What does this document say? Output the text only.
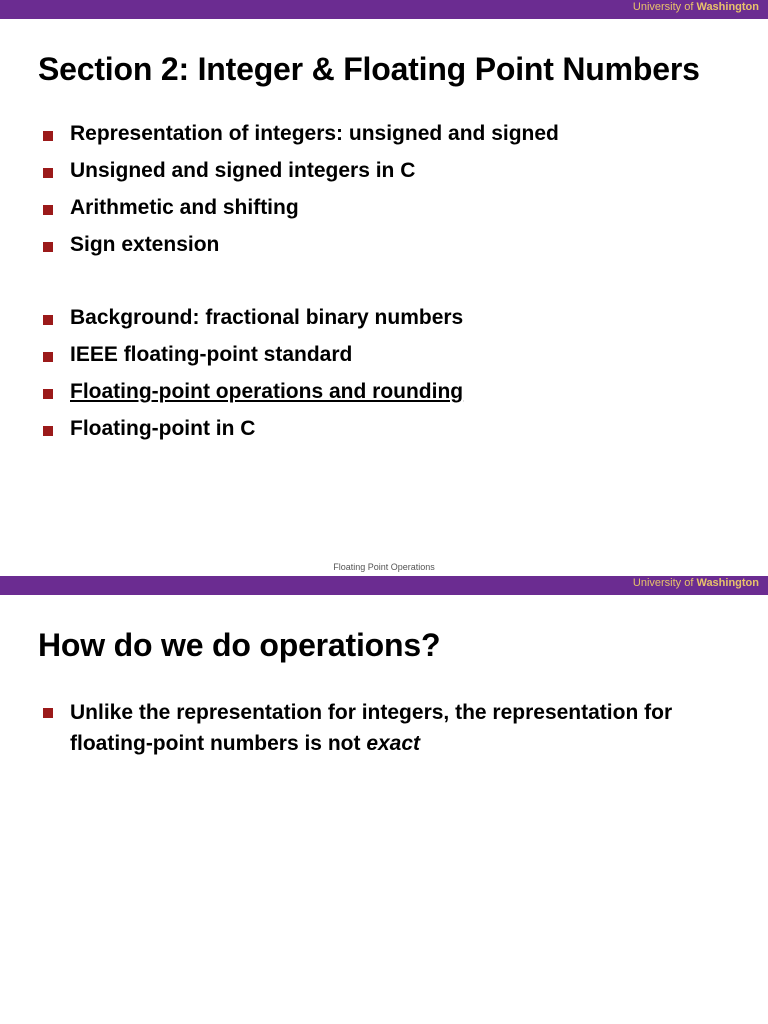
University of Washington
Section 2: Integer & Floating Point Numbers
Representation of integers: unsigned and signed
Unsigned and signed integers in C
Arithmetic and shifting
Sign extension
Background: fractional binary numbers
IEEE floating-point standard
Floating-point operations and rounding
Floating-point in C
Floating Point Operations
University of Washington
How do we do operations?
Unlike the representation for integers, the representation for floating-point numbers is not exact
